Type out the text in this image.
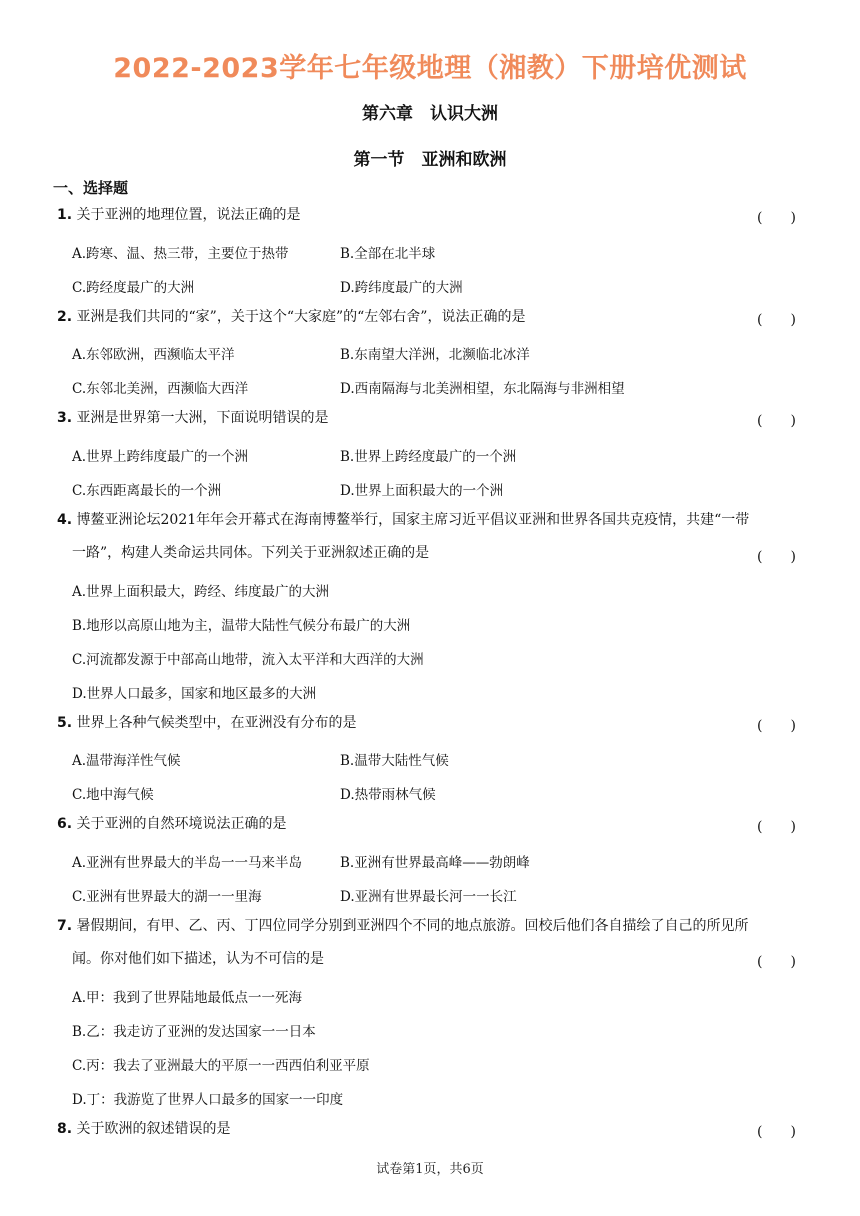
2022-2023学年七年级地理（湘教）下册培优测试
第六章　认识大洲
第一节　亚洲和欧洲
一、选择题
1. 关于亚洲的地理位置，说法正确的是	(　　)
A.跨寒、温、热三带，主要位于热带	B.全部在北半球
C.跨经度最广的大洲	D.跨纬度最广的大洲
2. 亚洲是我们共同的“家”，关于这个“大家庭”的“左邻右舍”，说法正确的是	(　　)
A.东邻欧洲，西濒临太平洋	B.东南望大洋洲，北濒临北冰洋
C.东邻北美洲，西濒临大西洋	D.西南隔海与北美洲相望，东北隔海与非洲相望
3. 亚洲是世界第一大洲，下面说明错误的是	(　　)
A.世界上跨纬度最广的一个洲	B.世界上跨经度最广的一个洲
C.东西距离最长的一个洲	D.世界上面积最大的一个洲
4. 博鳌亚洲论坛2021年年会开幕式在海南博鳌举行，国家主席习近平倡议亚洲和世界各国共克疫情，共建“一带
一路”，构建人类命运共同体。下列关于亚洲叙述正确的是	(　　)
A.世界上面积最大，跨经、纬度最广的大洲
B.地形以高原山地为主，温带大陆性气候分布最广的大洲
C.河流都发源于中部高山地带，流入太平洋和大西洋的大洲
D.世界人口最多，国家和地区最多的大洲
5. 世界上各种气候类型中，在亚洲没有分布的是	(　　)
A.温带海洋性气候	B.温带大陆性气候
C.地中海气候	D.热带雨林气候
6. 关于亚洲的自然环境说法正确的是	(　　)
A.亚洲有世界最大的半岛一一马来半岛	B.亚洲有世界最高峰——勃朗峰
C.亚洲有世界最大的湖一一里海	D.亚洲有世界最长河一一长江
7. 暑假期间，有甲、乙、丙、丁四位同学分别到亚洲四个不同的地点旅游。回校后他们各自描绘了自己的所见所
闻。你对他们如下描述，认为不可信的是	(　　)
A.甲：我到了世界陆地最低点一一死海
B.乙：我走访了亚洲的发达国家一一日本
C.丙：我去了亚洲最大的平原一一西西伯利亚平原
D.丁：我游览了世界人口最多的国家一一印度
8. 关于欧洲的叙述错误的是	(　　)
试卷第1页，共6页
